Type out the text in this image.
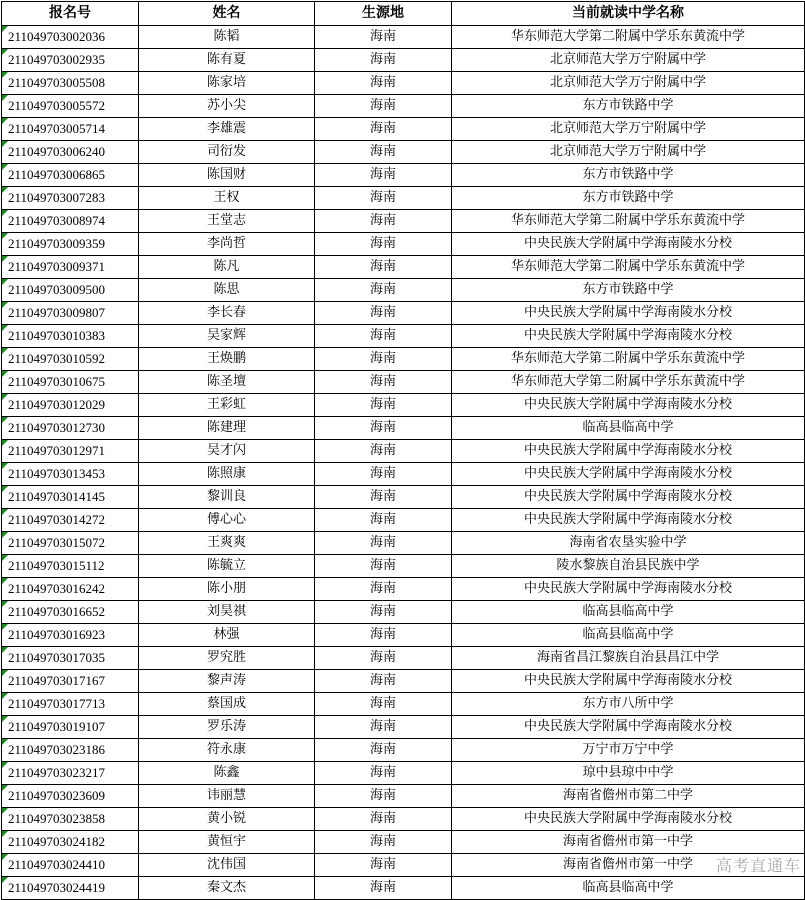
报名号	姓名	生源地	当前就读中学名称
211049703002036	陈韬	海南	华东师范大学第二附属中学乐东黄流中学
211049703002935	陈有夏	海南	北京师范大学万宁附属中学
211049703005508	陈家培	海南	北京师范大学万宁附属中学
211049703005572	苏小尖	海南	东方市铁路中学
211049703005714	李雄震	海南	北京师范大学万宁附属中学
211049703006240	司衍发	海南	北京师范大学万宁附属中学
211049703006865	陈国财	海南	东方市铁路中学
211049703007283	王权	海南	东方市铁路中学
211049703008974	王堂志	海南	华东师范大学第二附属中学乐东黄流中学
211049703009359	李尚哲	海南	中央民族大学附属中学海南陵水分校
211049703009371	陈凡	海南	华东师范大学第二附属中学乐东黄流中学
211049703009500	陈思	海南	东方市铁路中学
211049703009807	李长春	海南	中央民族大学附属中学海南陵水分校
211049703010383	吴家辉	海南	中央民族大学附属中学海南陵水分校
211049703010592	王焕鹏	海南	华东师范大学第二附属中学乐东黄流中学
211049703010675	陈圣壇	海南	华东师范大学第二附属中学乐东黄流中学
211049703012029	王彩虹	海南	中央民族大学附属中学海南陵水分校
211049703012730	陈建理	海南	临高县临高中学
211049703012971	吴才闪	海南	中央民族大学附属中学海南陵水分校
211049703013453	陈照康	海南	中央民族大学附属中学海南陵水分校
211049703014145	黎训良	海南	中央民族大学附属中学海南陵水分校
211049703014272	傅心心	海南	中央民族大学附属中学海南陵水分校
211049703015072	王爽爽	海南	海南省农垦实验中学
211049703015112	陈毓立	海南	陵水黎族自治县民族中学
211049703016242	陈小朋	海南	中央民族大学附属中学海南陵水分校
211049703016652	刘昊祺	海南	临高县临高中学
211049703016923	林强	海南	临高县临高中学
211049703017035	罗究胜	海南	海南省昌江黎族自治县昌江中学
211049703017167	黎声涛	海南	中央民族大学附属中学海南陵水分校
211049703017713	蔡国成	海南	东方市八所中学
211049703019107	罗乐涛	海南	中央民族大学附属中学海南陵水分校
211049703023186	符永康	海南	万宁市万宁中学
211049703023217	陈鑫	海南	琼中县琼中中学
211049703023609	讳丽慧	海南	海南省儋州市第二中学
211049703023858	黄小锐	海南	中央民族大学附属中学海南陵水分校
211049703024182	黄恒宇	海南	海南省儋州市第一中学
211049703024410	沈伟国	海南	海南省儋州市第一中学
211049703024419	秦文杰	海南	临高县临高中学
高考直通车
